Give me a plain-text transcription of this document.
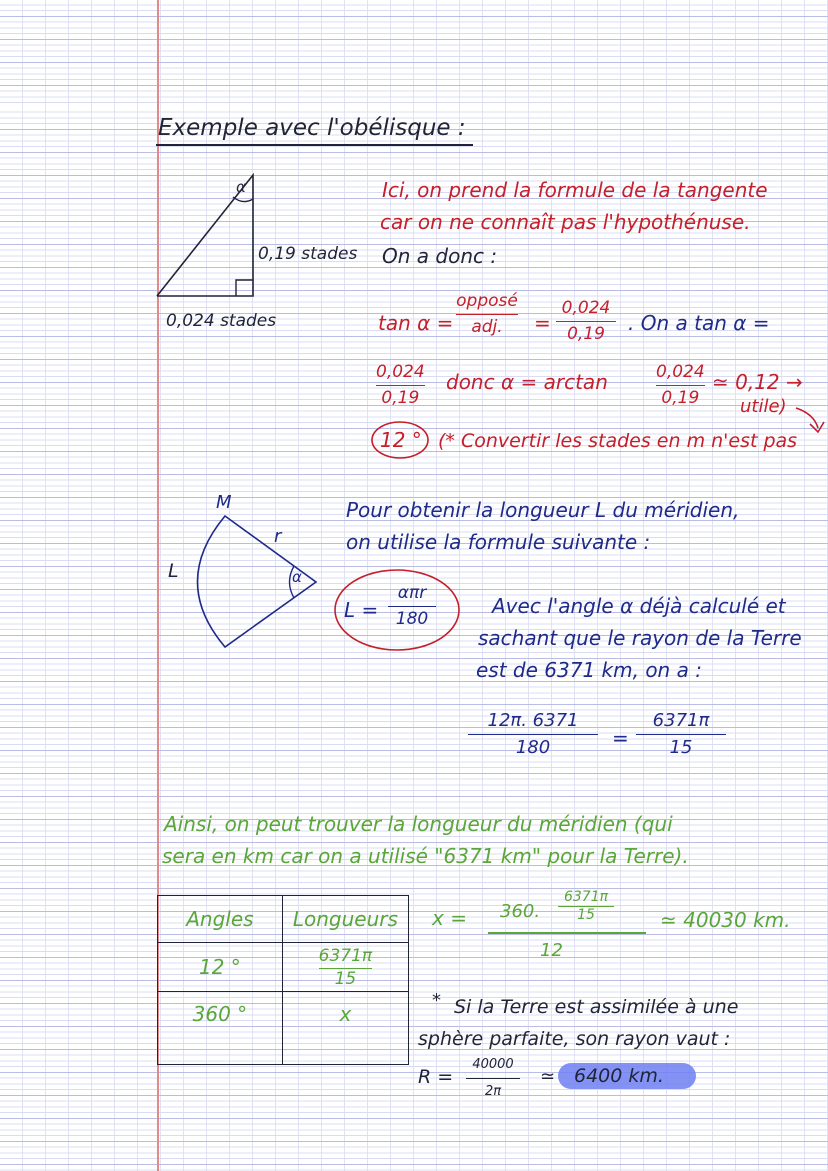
Exemple avec l'obélisque :
α
0,19 stades
0,024 stades
Ici, on prend la formule de la tangente
car on ne connaît pas l'hypothénuse.
On a donc :
tan α =
opposé
adj. =
0,024
0,19 . On a tan α =
0,024
0,19
donc α = arctan	0,024
0,19
≃ 0,12 →
utile)
12 ° (* Convertir les stades en m n'est pas
M
r
L	α
Pour obtenir la longueur L du méridien,
on utilise la formule suivante :
L =
απr
180
Avec l'angle α déjà calculé et
sachant que le rayon de la Terre
est de 6371 km, on a :
12π. 6371
180	=
6371π
15
Ainsi, on peut trouver la longueur du méridien (qui
sera en km car on a utilisé "6371 km" pour la Terre).
Angles	Longueurs
12 °	$\frac{6371\pi}{15}$

360 °	x
x = 360.
6371π
15
12
≃ 40030 km.
* Si la Terre est assimilée à une
sphère parfaite, son rayon vaut :
R =
40000
2π
≃ 6400 km.
